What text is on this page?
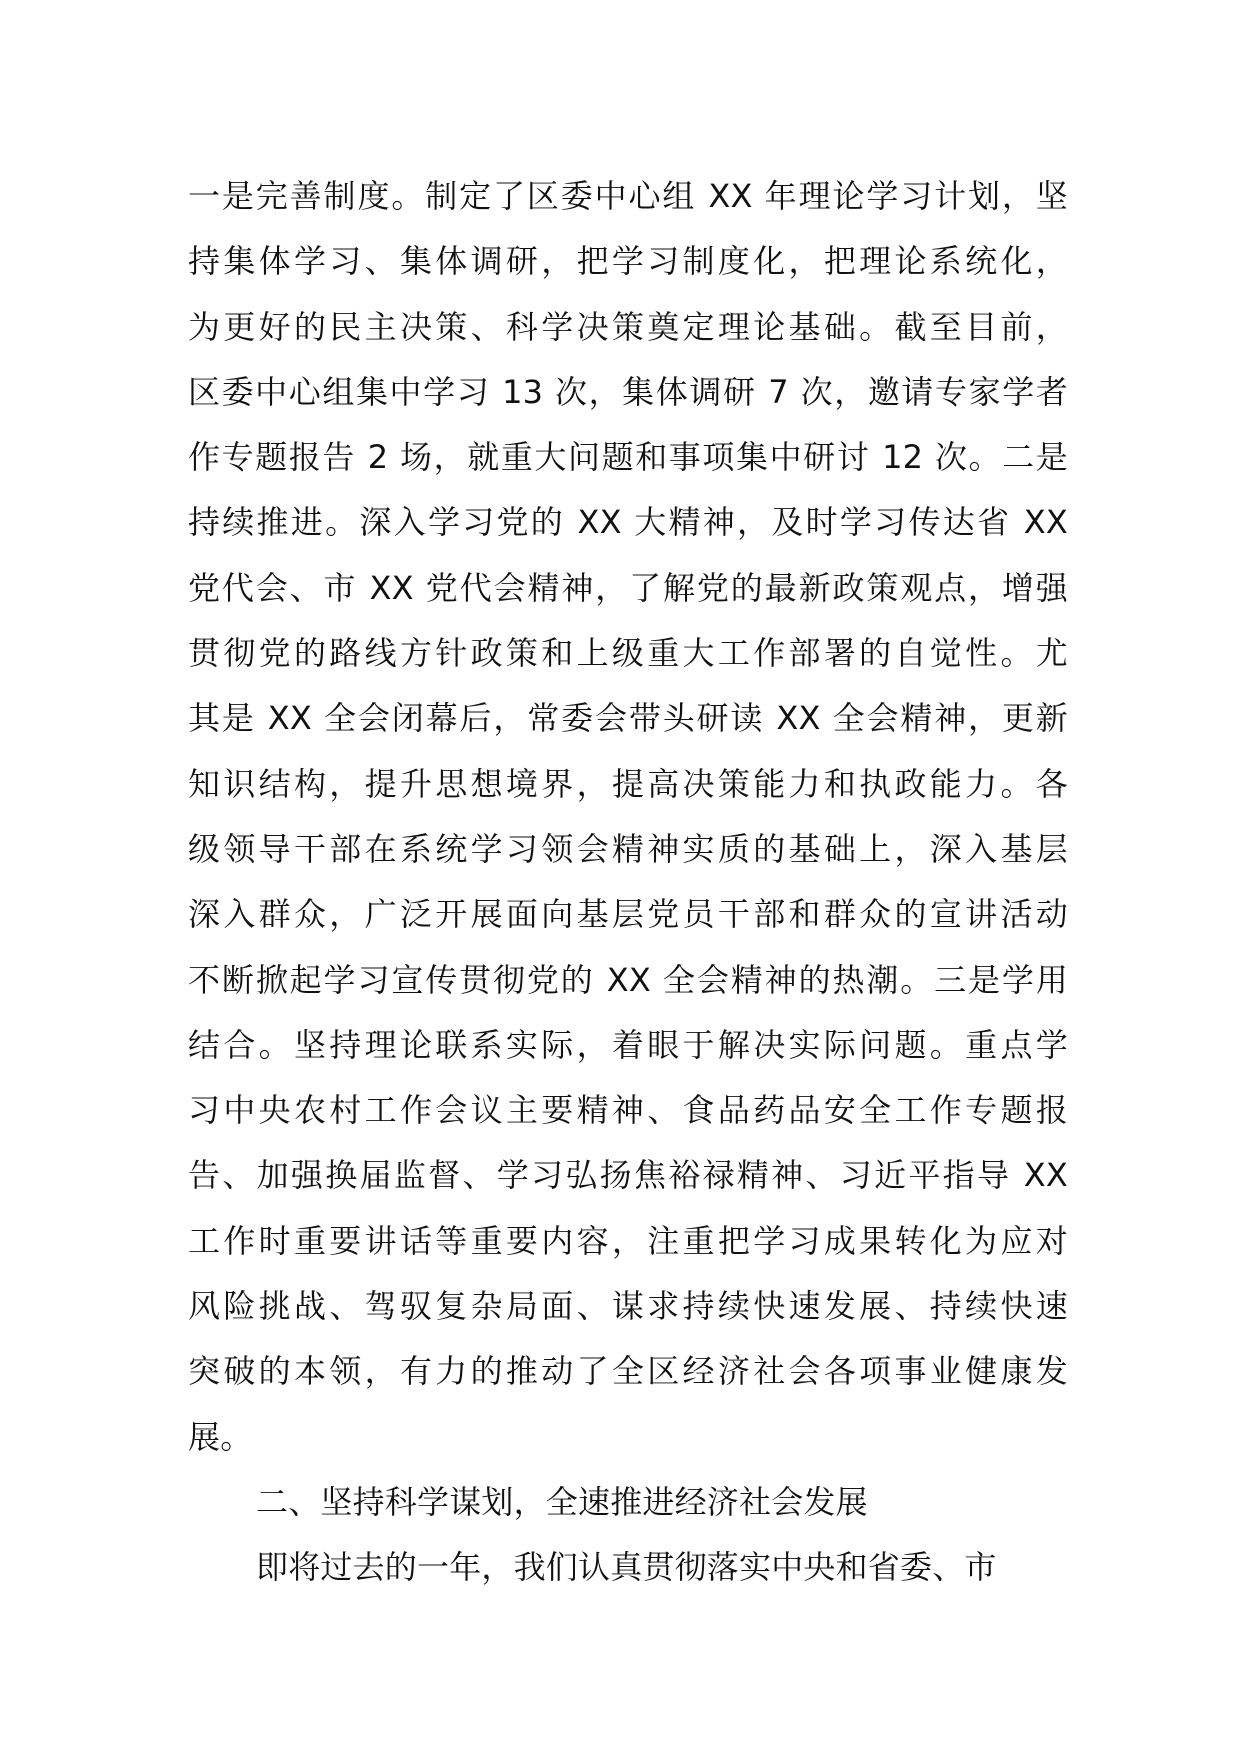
一是完善制度。制定了区委中心组 XX 年理论学习计划，坚
持集体学习、集体调研，把学习制度化，把理论系统化，
为更好的民主决策、科学决策奠定理论基础。截至目前，
区委中心组集中学习 13 次，集体调研 7 次，邀请专家学者
作专题报告 2 场，就重大问题和事项集中研讨 12 次。二是
持续推进。深入学习党的 XX 大精神，及时学习传达省 XX
党代会、市 XX 党代会精神，了解党的最新政策观点，增强
贯彻党的路线方针政策和上级重大工作部署的自觉性。尤
其是 XX 全会闭幕后，常委会带头研读 XX 全会精神，更新
知识结构，提升思想境界，提高决策能力和执政能力。各
级领导干部在系统学习领会精神实质的基础上，深入基层
深入群众，广泛开展面向基层党员干部和群众的宣讲活动
不断掀起学习宣传贯彻党的 XX 全会精神的热潮。三是学用
结合。坚持理论联系实际，着眼于解决实际问题。重点学
习中央农村工作会议主要精神、食品药品安全工作专题报
告、加强换届监督、学习弘扬焦裕禄精神、习近平指导 XX
工作时重要讲话等重要内容，注重把学习成果转化为应对
风险挑战、驾驭复杂局面、谋求持续快速发展、持续快速
突破的本领，有力的推动了全区经济社会各项事业健康发
展。
二、坚持科学谋划，全速推进经济社会发展
即将过去的一年，我们认真贯彻落实中央和省委、市
